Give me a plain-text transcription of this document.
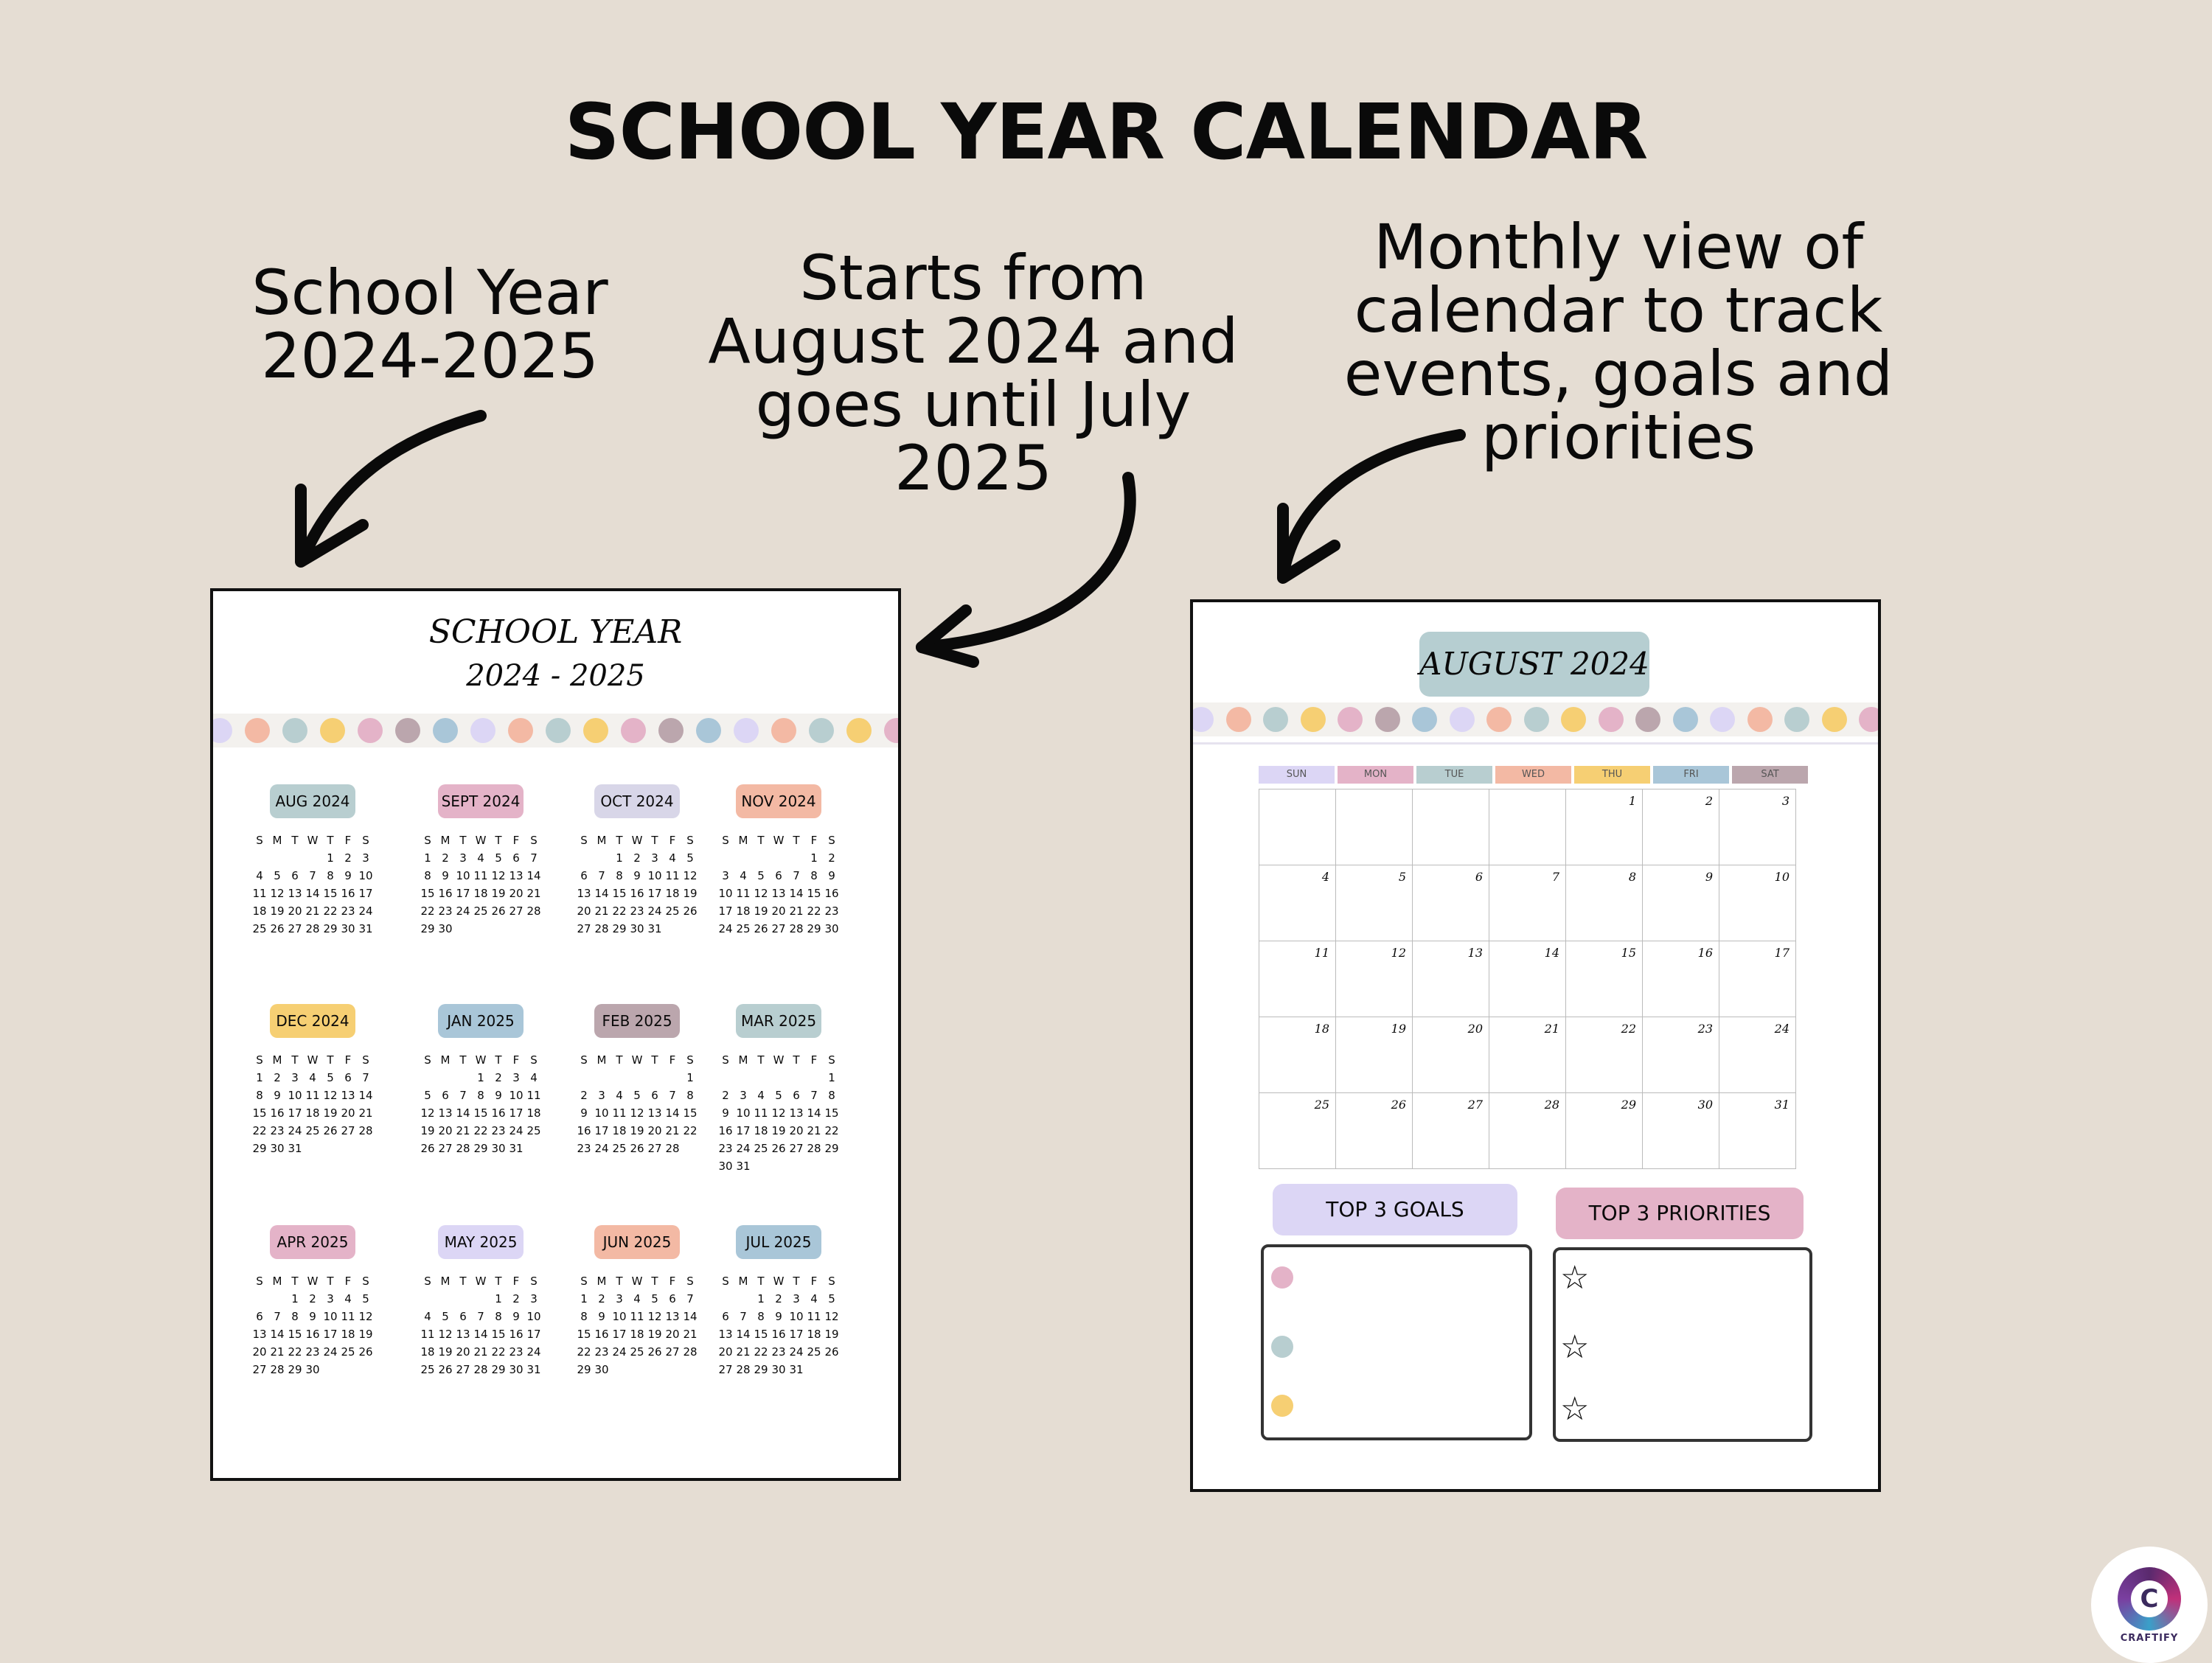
SCHOOL YEAR CALENDAR
School Year
2024-2025
Starts from
August 2024 and
goes until July
2025
Monthly view of
calendar to track
events, goals and
priorities
SCHOOL YEAR
2024 - 2025
AUG 2024
S	M	T	W	T	F	S
				1	2	3
4	5	6	7	8	9	10
11	12	13	14	15	16	17
18	19	20	21	22	23	24
25	26	27	28	29	30	31
SEPT 2024
S	M	T	W	T	F	S
1	2	3	4	5	6	7
8	9	10	11	12	13	14
15	16	17	18	19	20	21
22	23	24	25	26	27	28
29	30					
OCT 2024
S	M	T	W	T	F	S
		1	2	3	4	5
6	7	8	9	10	11	12
13	14	15	16	17	18	19
20	21	22	23	24	25	26
27	28	29	30	31		
NOV 2024
S	M	T	W	T	F	S
					1	2
3	4	5	6	7	8	9
10	11	12	13	14	15	16
17	18	19	20	21	22	23
24	25	26	27	28	29	30
DEC 2024
S	M	T	W	T	F	S
1	2	3	4	5	6	7
8	9	10	11	12	13	14
15	16	17	18	19	20	21
22	23	24	25	26	27	28
29	30	31				
JAN 2025
S	M	T	W	T	F	S
			1	2	3	4
5	6	7	8	9	10	11
12	13	14	15	16	17	18
19	20	21	22	23	24	25
26	27	28	29	30	31	
FEB 2025
S	M	T	W	T	F	S
						1
2	3	4	5	6	7	8
9	10	11	12	13	14	15
16	17	18	19	20	21	22
23	24	25	26	27	28	
MAR 2025
S	M	T	W	T	F	S
						1
2	3	4	5	6	7	8
9	10	11	12	13	14	15
16	17	18	19	20	21	22
23	24	25	26	27	28	29
30	31					
APR 2025
S	M	T	W	T	F	S
		1	2	3	4	5
6	7	8	9	10	11	12
13	14	15	16	17	18	19
20	21	22	23	24	25	26
27	28	29	30			
MAY 2025
S	M	T	W	T	F	S
				1	2	3
4	5	6	7	8	9	10
11	12	13	14	15	16	17
18	19	20	21	22	23	24
25	26	27	28	29	30	31
JUN 2025
S	M	T	W	T	F	S
1	2	3	4	5	6	7
8	9	10	11	12	13	14
15	16	17	18	19	20	21
22	23	24	25	26	27	28
29	30					
JUL 2025
S	M	T	W	T	F	S
		1	2	3	4	5
6	7	8	9	10	11	12
13	14	15	16	17	18	19
20	21	22	23	24	25	26
27	28	29	30	31		
AUGUST 2024
SUN	MON	TUE	WED	THU	FRI	SAT
				1	2	3
4	5	6	7	8	9	10
11	12	13	14	15	16	17
18	19	20	21	22	23	24
25	26	27	28	29	30	31
TOP 3 GOALS	TOP 3 PRIORITIES
☆
☆
☆
C
CRAFTIFY
